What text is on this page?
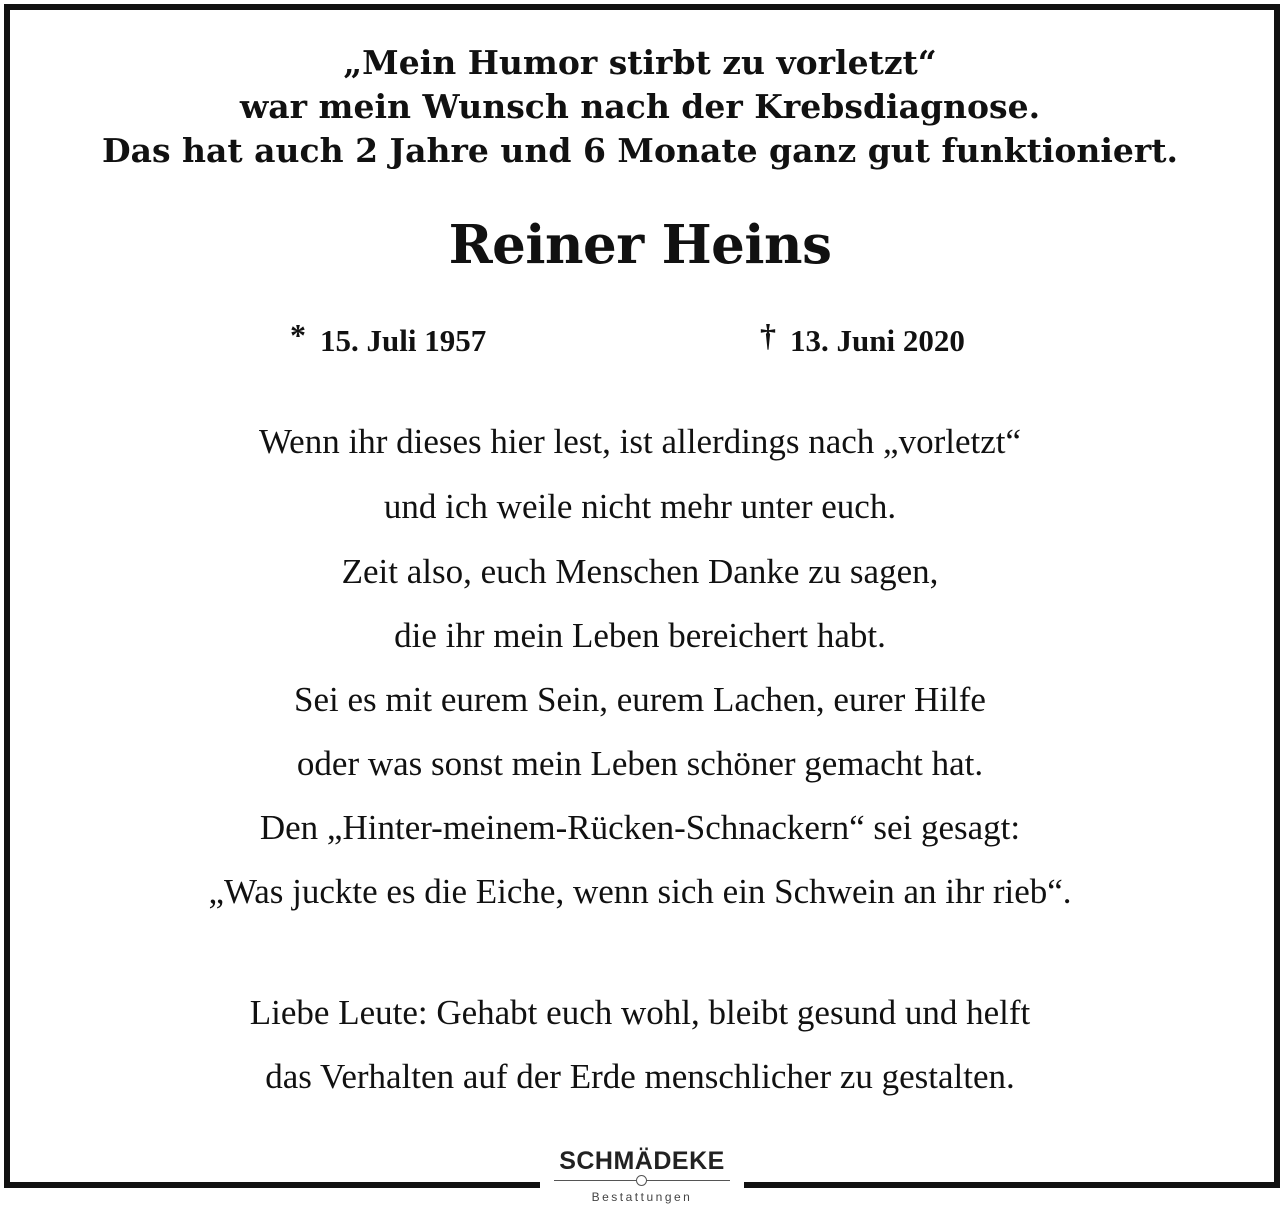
„Mein Humor stirbt zu vorletzt“
war mein Wunsch nach der Krebsdiagnose.
Das hat auch 2 Jahre und 6 Monate ganz gut funktioniert.
Reiner Heins
* 15. Juli 1957	† 13. Juni 2020
Wenn ihr dieses hier lest, ist allerdings nach „vorletzt“
und ich weile nicht mehr unter euch.
Zeit also, euch Menschen Danke zu sagen,
die ihr mein Leben bereichert habt.
Sei es mit eurem Sein, eurem Lachen, eurer Hilfe
oder was sonst mein Leben schöner gemacht hat.
Den „Hinter-meinem-Rücken-Schnackern“ sei gesagt:
„Was juckte es die Eiche, wenn sich ein Schwein an ihr rieb“.
Liebe Leute: Gehabt euch wohl, bleibt gesund und helft
das Verhalten auf der Erde menschlicher zu gestalten.
SCHMÄDEKE
Bestattungen
